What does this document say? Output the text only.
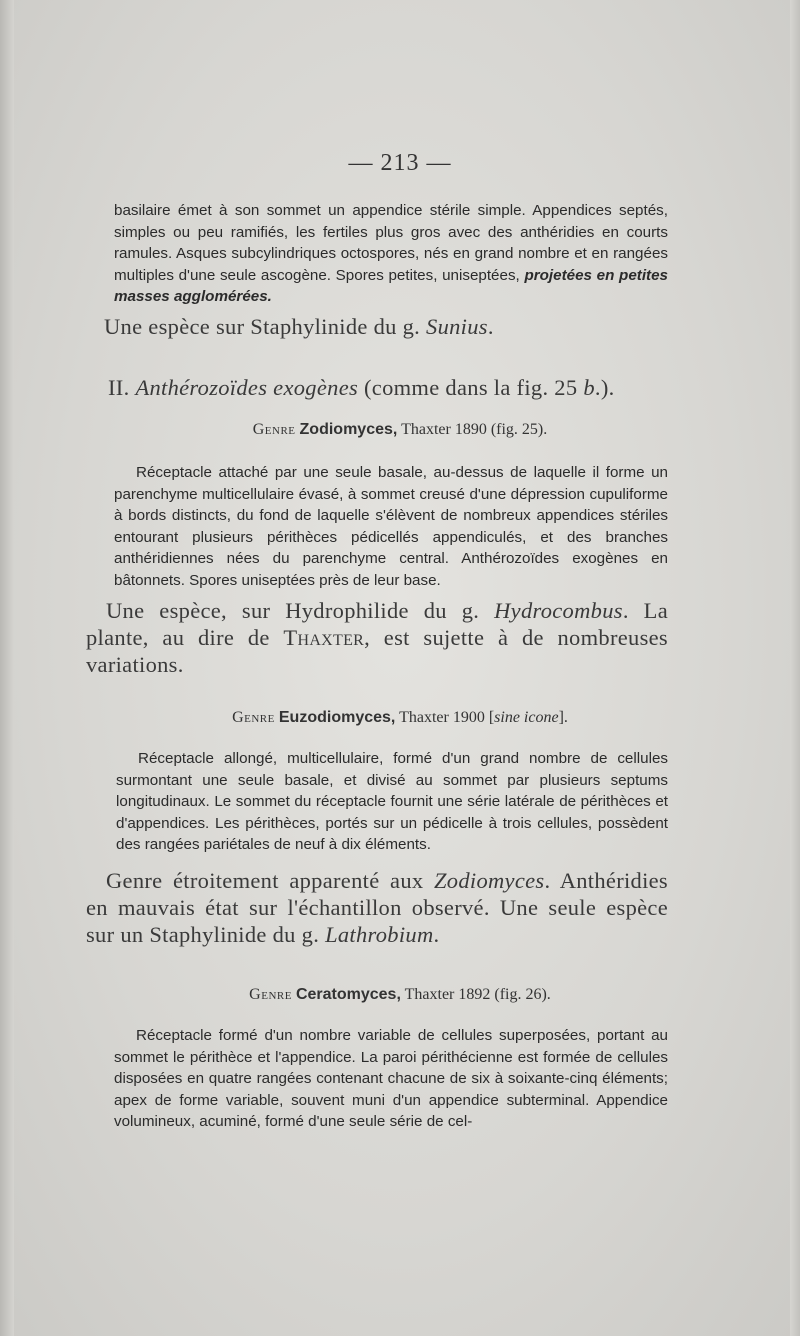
— 213 —

basilaire émet à son sommet un appendice stérile simple. Appendices septés, simples ou peu ramifiés, les fertiles plus gros avec des anthéridies en courts ramules. Asques subcylindriques octospores, nés en grand nombre et en rangées multiples d'une seule ascogène. Spores petites, uniseptées, projetées en petites masses agglomérées.

Une espèce sur Staphylinide du g. Sunius.

II. Anthérozoïdes exogènes (comme dans la fig. 25 b.).

Genre Zodiomyces, Thaxter 1890 (fig. 25).

Réceptacle attaché par une seule basale, au-dessus de laquelle il forme un parenchyme multicellulaire évasé, à sommet creusé d'une dépression cupuliforme à bords distincts, du fond de laquelle s'élèvent de nombreux appendices stériles entourant plusieurs périthèces pédicellés appendiculés, et des branches anthéridiennes nées du parenchyme central. Anthérozoïdes exogènes en bâtonnets. Spores uniseptées près de leur base.

Une espèce, sur Hydrophilide du g. Hydrocombus. La plante, au dire de Thaxter, est sujette à de nombreuses variations.

Genre Euzodiomyces, Thaxter 1900 [sine icone].

Réceptacle allongé, multicellulaire, formé d'un grand nombre de cellules surmontant une seule basale, et divisé au sommet par plusieurs septums longitudinaux. Le sommet du réceptacle fournit une série latérale de périthèces et d'appendices. Les périthèces, portés sur un pédicelle à trois cellules, possèdent des rangées pariétales de neuf à dix éléments.

Genre étroitement apparenté aux Zodiomyces. Anthéridies en mauvais état sur l'échantillon observé. Une seule espèce sur un Staphylinide du g. Lathrobium.

Genre Ceratomyces, Thaxter 1892 (fig. 26).

Réceptacle formé d'un nombre variable de cellules superposées, portant au sommet le périthèce et l'appendice. La paroi périthécienne est formée de cellules disposées en quatre rangées contenant chacune de six à soixante-cinq éléments; apex de forme variable, souvent muni d'un appendice subterminal. Appendice volumineux, acuminé, formé d'une seule série de cel-
